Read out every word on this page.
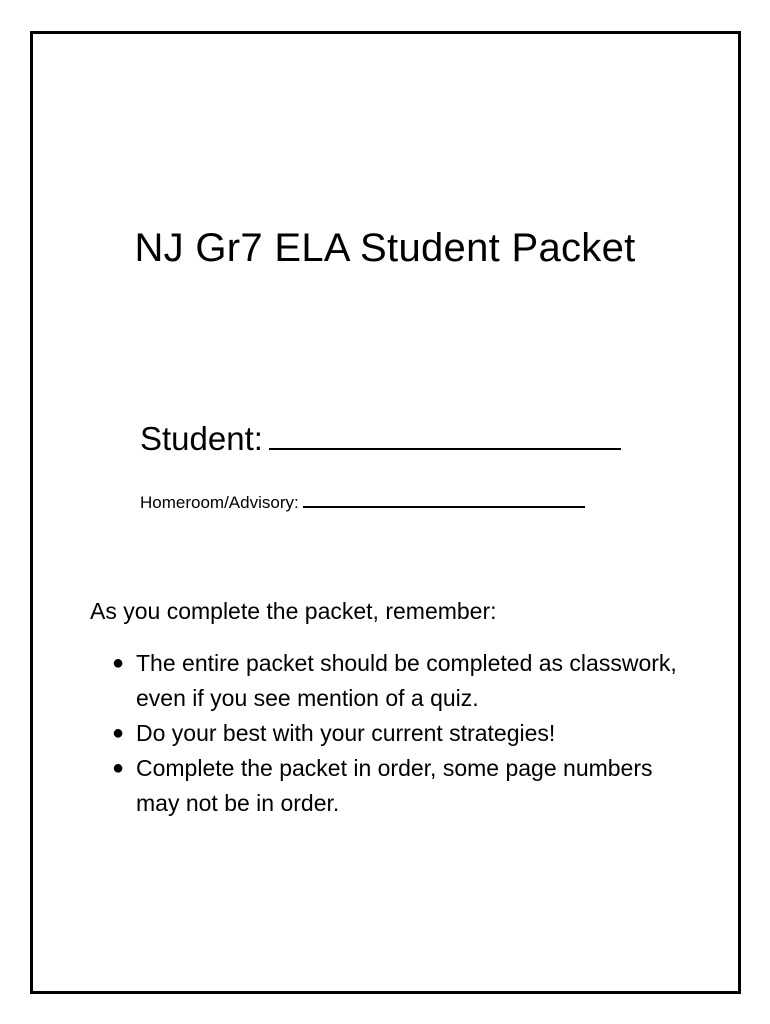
NJ Gr7 ELA Student Packet
Student:
Homeroom/Advisory:

As you complete the packet, remember:

● The entire packet should be completed as classwork, even if you see mention of a quiz.
● Do your best with your current strategies!
● Complete the packet in order, some page numbers may not be in order.
